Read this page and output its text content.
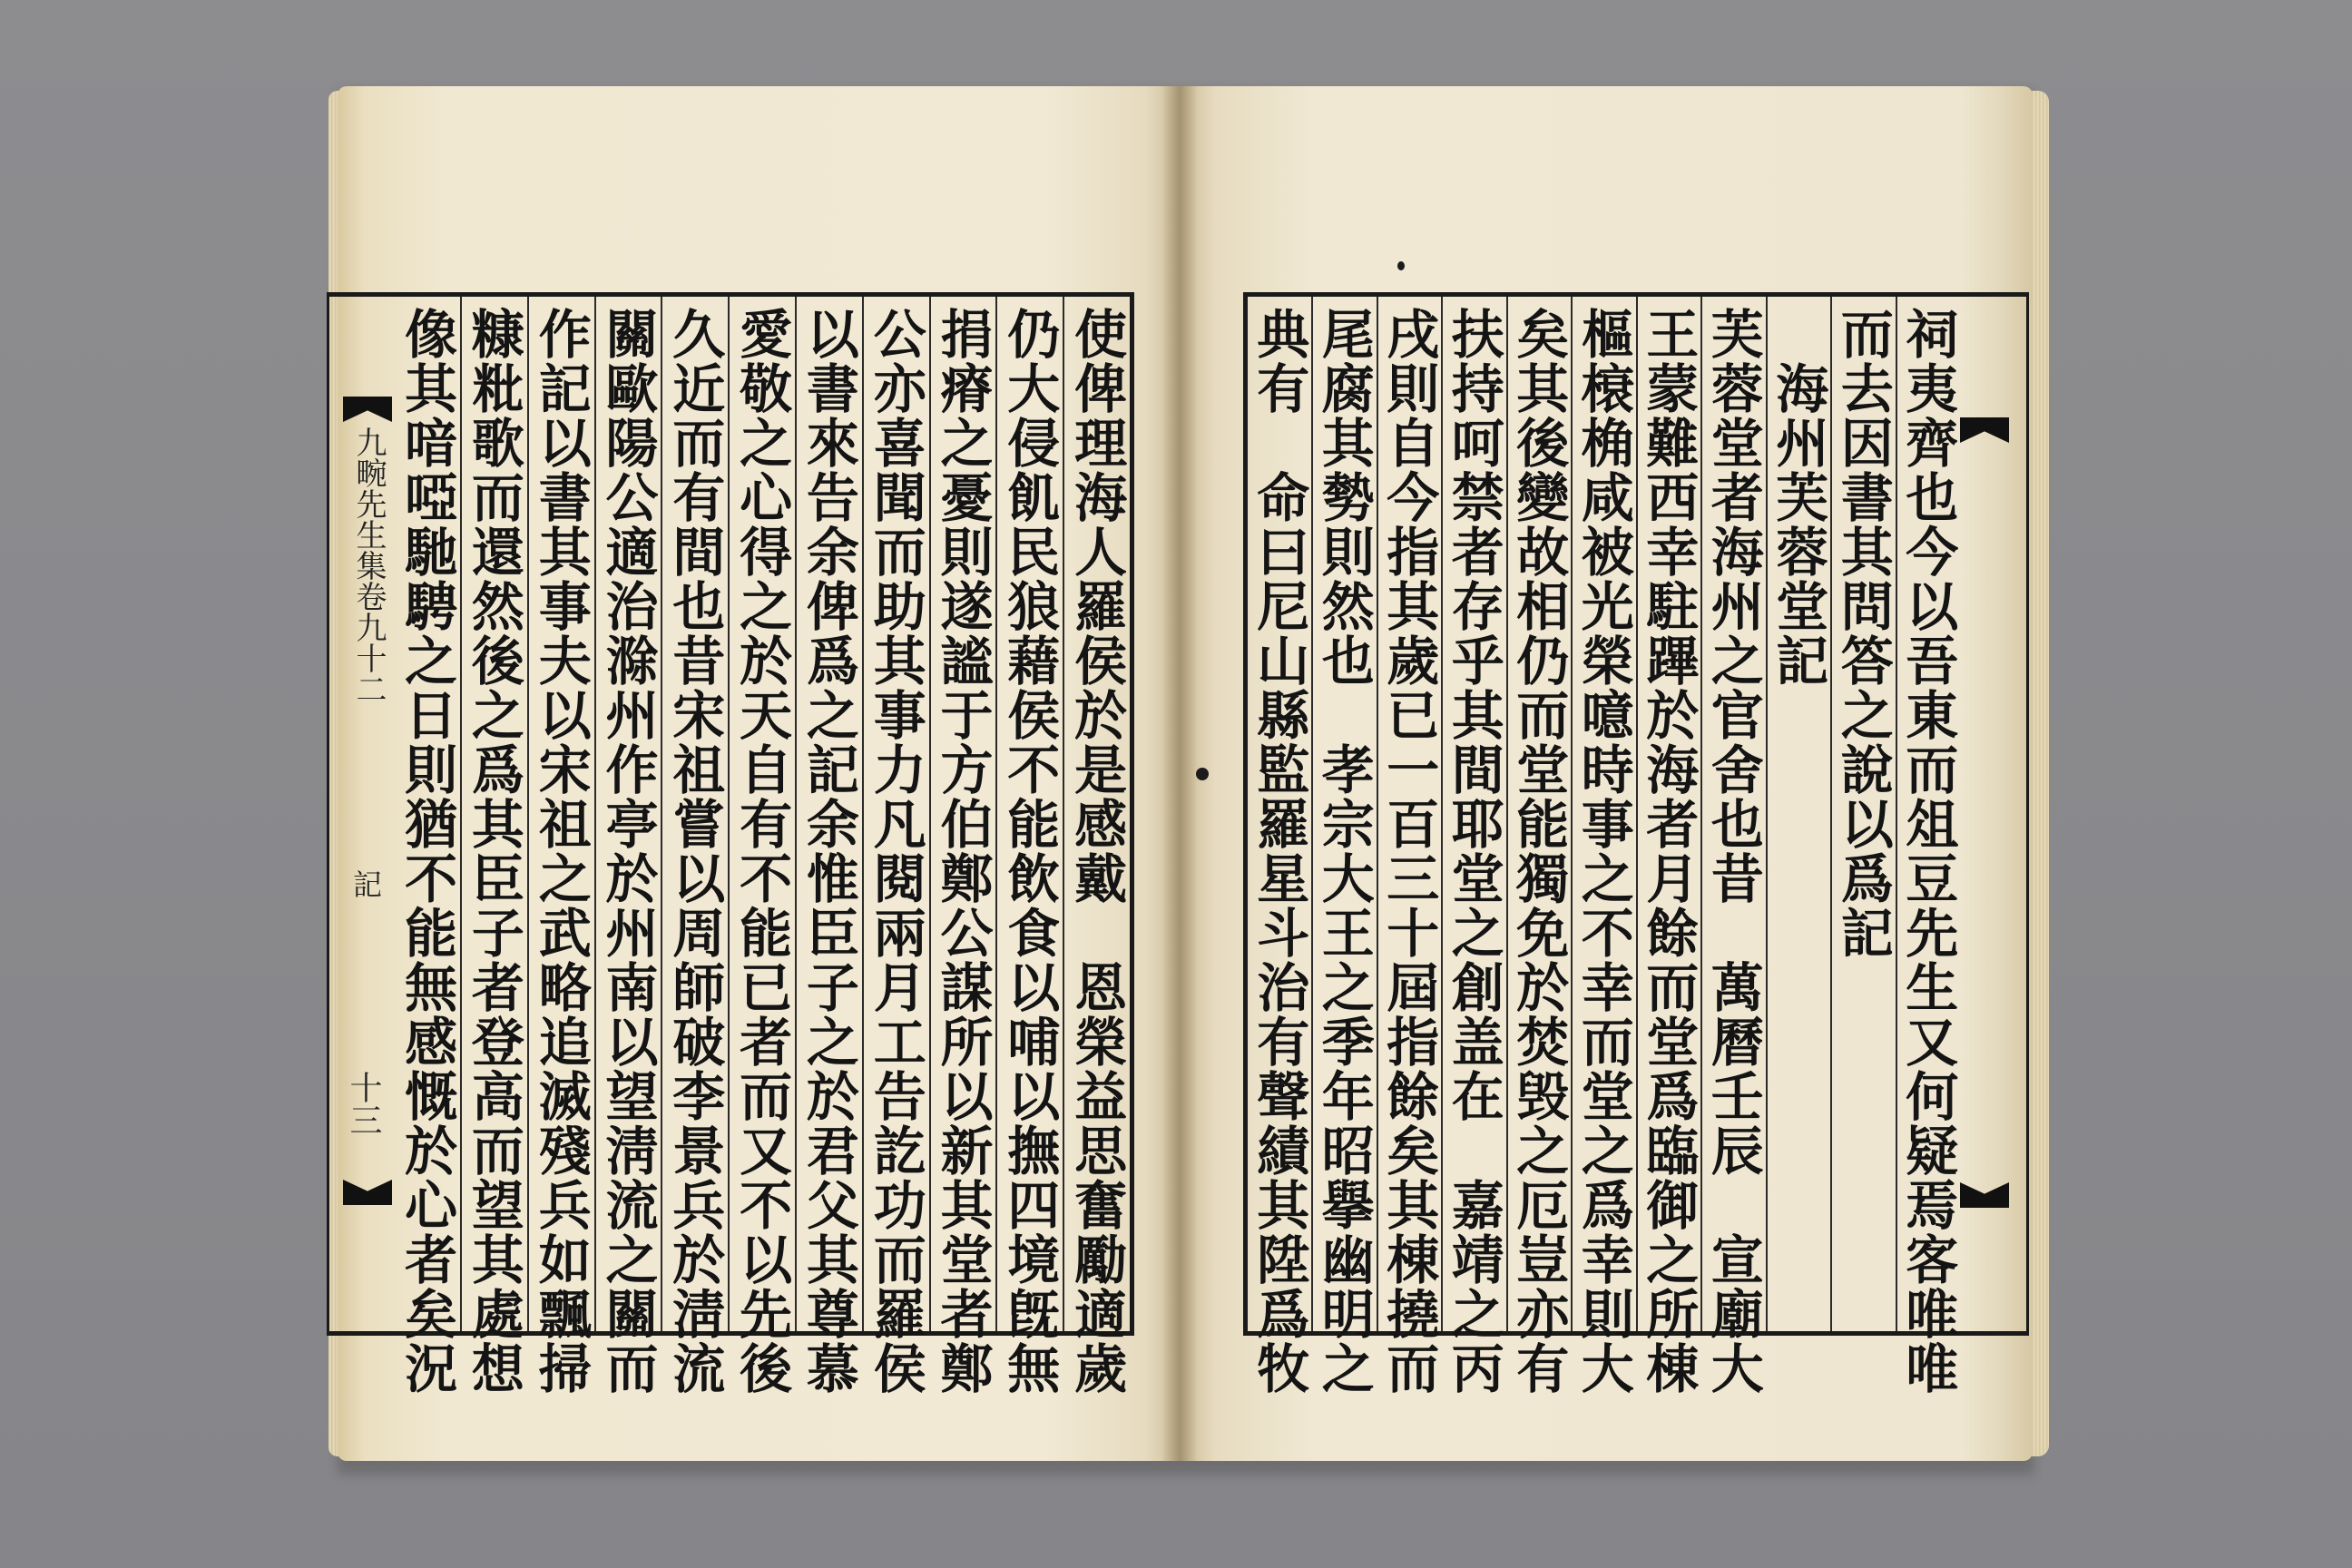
使俾理海人羅侯於是感戴　恩榮益思奮勵適歲
仍大侵飢民狼藉侯不能飲食以哺以撫四境旣無
捐瘠之憂則遂謐于方伯鄭公謀所以新其堂者鄭
公亦喜聞而助其事力凡閱兩月工告訖功而羅侯
以書來告余俾爲之記余惟臣子之於君父其尊慕
愛敬之心得之於天自有不能已者而又不以先後
久近而有間也昔宋祖嘗以周師破李景兵於淸流
關歐陽公適治滁州作亭於州南以望淸流之關而
作記以書其事夫以宋祖之武略追滅殘兵如飄掃
糠粃歌而還然後之爲其臣子者登高而望其處想
像其喑啞馳騁之日則猶不能無感慨於心者矣況
九畹先生集卷九十二
記
十三	祠夷齊也今以吾東而俎豆先生又何疑焉客唯唯
而去因書其問答之說以爲記
　海州芙蓉堂記
芙蓉堂者海州之官舍也昔　萬曆壬辰　宣廟大
王蒙難西幸駐蹕於海者月餘而堂爲臨御之所棟
樞榱桷咸被光榮噫時事之不幸而堂之爲幸則大
矣其後變故相仍而堂能獨免於焚毁之厄豈亦有
扶持呵禁者存乎其間耶堂之創盖在　嘉靖之丙
戌則自今指其歲已一百三十屆指餘矣其棟撓而
尾腐其勢則然也　孝宗大王之季年昭擧幽明之
典有　命曰尼山縣監羅星斗治有聲績其陞爲牧
